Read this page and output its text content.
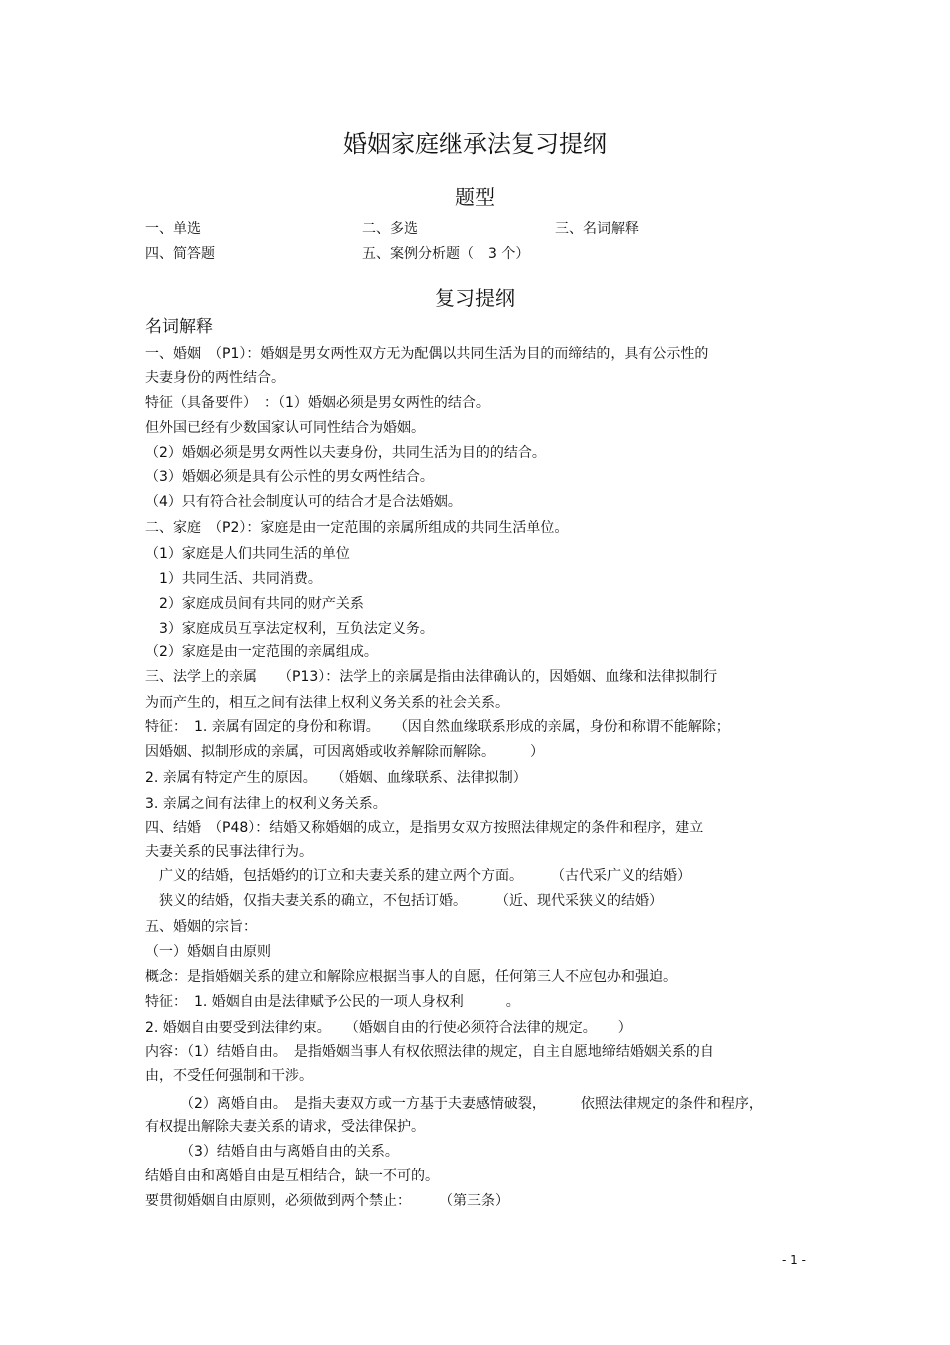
婚姻家庭继承法复习提纲
题型
一、单选	二、多选	三、名词解释
四、简答题	五、案例分析题（　3 个）
复习提纲
名词解释
一、婚姻　（P1）：婚姻是男女两性双方无为配偶以共同生活为目的而缔结的，具有公示性的
夫妻身份的两性结合。
特征（具备要件）　：（1）婚姻必须是男女两性的结合。
但外国已经有少数国家认可同性结合为婚姻。
（2）婚姻必须是男女两性以夫妻身份，共同生活为目的的结合。
（3）婚姻必须是具有公示性的男女两性结合。
（4）只有符合社会制度认可的结合才是合法婚姻。
二、家庭　（P2）：家庭是由一定范围的亲属所组成的共同生活单位。
（1）家庭是人们共同生活的单位
　1）共同生活、共同消费。
　2）家庭成员间有共同的财产关系
　3）家庭成员互享法定权利，互负法定义务。
（2）家庭是由一定范围的亲属组成。
三、法学上的亲属　　（P13）：法学上的亲属是指由法律确认的，因婚姻、血缘和法律拟制行
为而产生的，相互之间有法律上权利义务关系的社会关系。
特征：　1. 亲属有固定的身份和称谓。　　（因自然血缘联系形成的亲属，身份和称谓不能解除；
因婚姻、拟制形成的亲属，可因离婚或收养解除而解除。　　　）
2. 亲属有特定产生的原因。　　（婚姻、血缘联系、法律拟制）
3. 亲属之间有法律上的权利义务关系。
四、结婚　（P48）：结婚又称婚姻的成立，是指男女双方按照法律规定的条件和程序，建立
夫妻关系的民事法律行为。
　广义的结婚，包括婚约的订立和夫妻关系的建立两个方面。　　　（古代采广义的结婚）
　狭义的结婚，仅指夫妻关系的确立，不包括订婚。　　　（近、现代采狭义的结婚）
五、婚姻的宗旨：
（一）婚姻自由原则
概念：是指婚姻关系的建立和解除应根据当事人的自愿，任何第三人不应包办和强迫。
特征：　1. 婚姻自由是法律赋予公民的一项人身权利　　　。
2. 婚姻自由要受到法律约束。　　（婚姻自由的行使必须符合法律的规定。　　）
内容：（1）结婚自由。　是指婚姻当事人有权依照法律的规定，自主自愿地缔结婚姻关系的自
由，不受任何强制和干涉。
　　　（2）离婚自由。　是指夫妻双方或一方基于夫妻感情破裂，　　　依照法律规定的条件和程序，
有权提出解除夫妻关系的请求，受法律保护。
　　　（3）结婚自由与离婚自由的关系。
结婚自由和离婚自由是互相结合，缺一不可的。
要贯彻婚姻自由原则，必须做到两个禁止：　　　（第三条）
- 1 -
